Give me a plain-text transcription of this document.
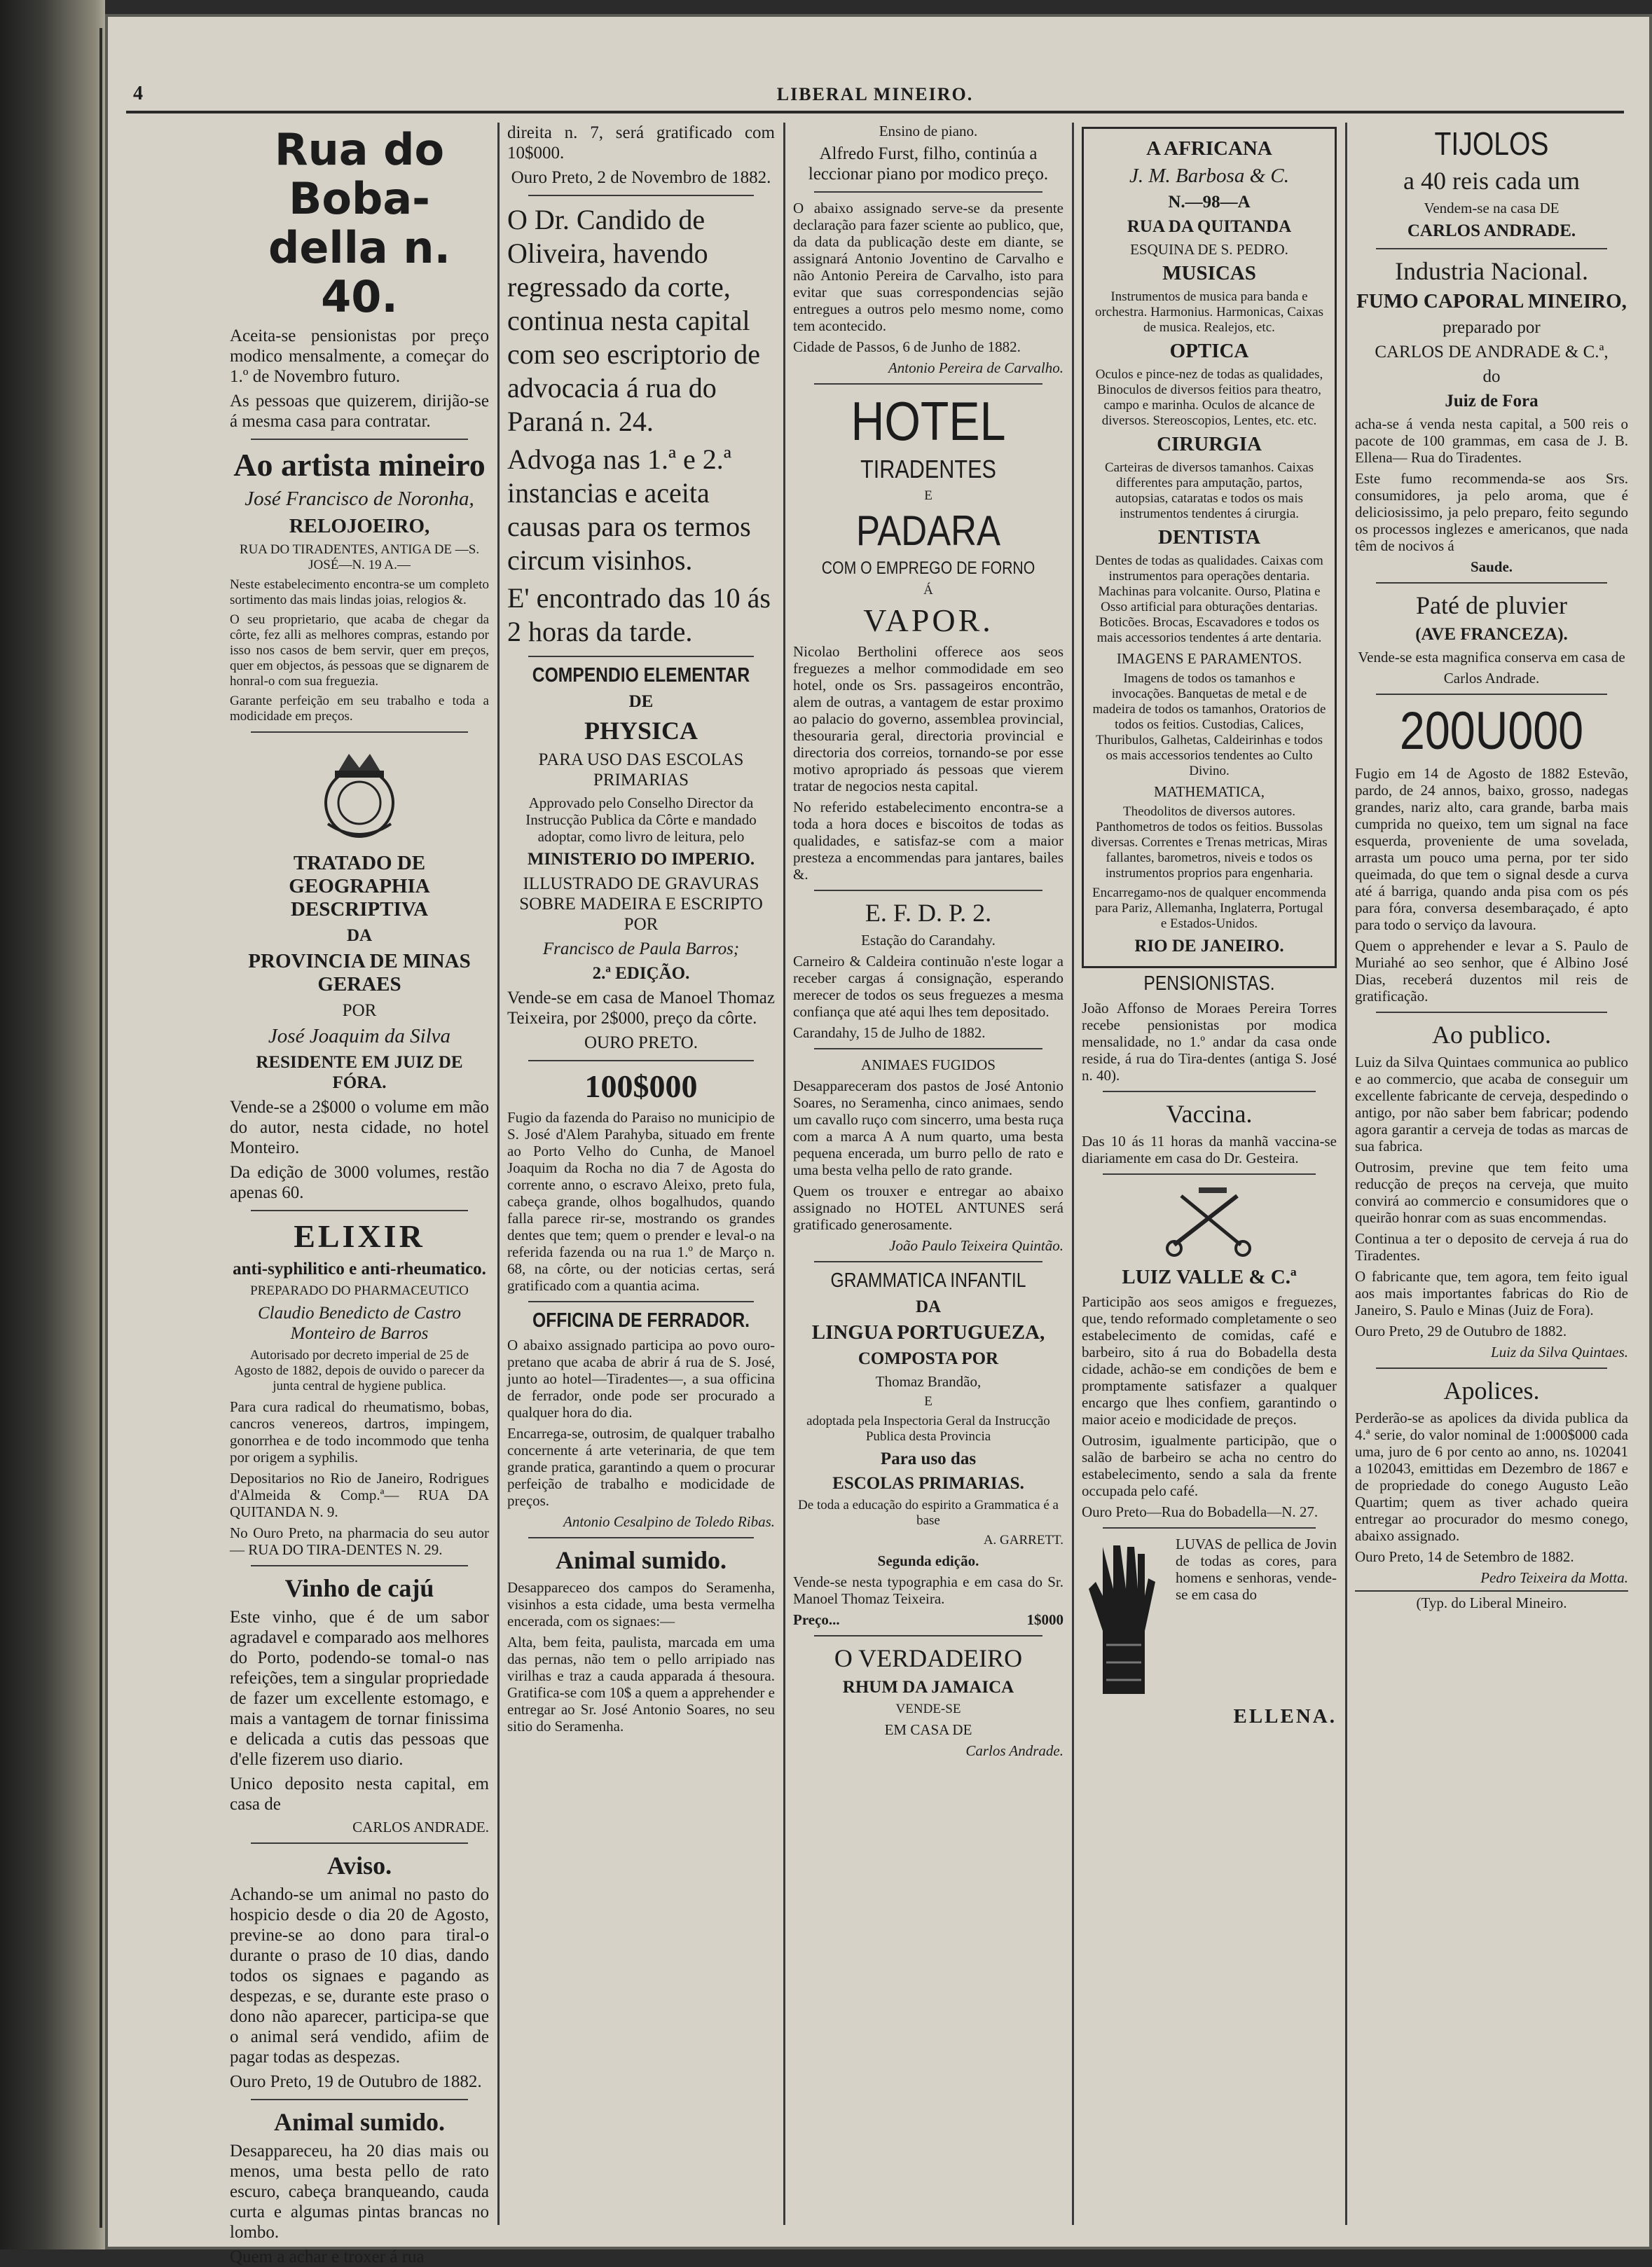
4	LIBERAL MINEIRO.
Rua do Boba-della n. 40.

Aceita-se pensionistas por preço modico mensalmente, a começar do 1.º de Novembro futuro.

As pessoas que quizerem, dirijão-se á mesma casa para contratar.

Ao artista mineiro

José Francisco de Noronha,

RELOJOEIRO,

RUA DO TIRADENTES, ANTIGA DE —S. JOSÉ—N. 19 A.—

Neste estabelecimento encontra-se um completo sortimento das mais lindas joias, relogios &.

O seu proprietario, que acaba de chegar da côrte, fez alli as melhores compras, estando por isso nos casos de bem servir, quer em preços, quer em objectos, ás pessoas que se dignarem de honral-o com sua freguezia.

Garante perfeição em seu trabalho e toda a modicidade em preços.

TRATADO DE GEOGRAPHIA DESCRIPTIVA

DA

PROVINCIA DE MINAS GERAES

POR

José Joaquim da Silva

RESIDENTE EM JUIZ DE FÓRA.

Vende-se a 2$000 o volume em mão do autor, nesta cidade, no hotel Monteiro.

Da edição de 3000 volumes, restão apenas 60.

ELIXIR

anti-syphilitico e anti-rheumatico.

PREPARADO DO PHARMACEUTICO

Claudio Benedicto de Castro Monteiro de Barros

Autorisado por decreto imperial de 25 de Agosto de 1882, depois de ouvido o parecer da junta central de hygiene publica.

Para cura radical do rheumatismo, bobas, cancros venereos, dartros, impingem, gonorrhea e de todo incommodo que tenha por origem a syphilis.

Depositarios no Rio de Janeiro, Rodrigues d'Almeida & Comp.ª— RUA DA QUITANDA N. 9.

No Ouro Preto, na pharmacia do seu autor— RUA DO TIRA-DENTES N. 29.

Vinho de cajú

Este vinho, que é de um sabor agradavel e comparado aos melhores do Porto, podendo-se tomal-o nas refeições, tem a singular propriedade de fazer um excellente estomago, e mais a vantagem de tornar finissima e delicada a cutis das pessoas que d'elle fizerem uso diario.

Unico deposito nesta capital, em casa de

CARLOS ANDRADE.

Aviso.

Achando-se um animal no pasto do hospicio desde o dia 20 de Agosto, previne-se ao dono para tiral-o durante o praso de 10 dias, dando todos os signaes e pagando as despezas, e se, durante este praso o dono não aparecer, participa-se que o animal será vendido, afiim de pagar todas as despezas.

Ouro Preto, 19 de Outubro de 1882.

Animal sumido.

Desappareceu, ha 20 dias mais ou menos, uma besta pello de rato escuro, cabeça branqueando, cauda curta e algumas pintas brancas no lombo.

Quem a achar e troxer á rua

direita n. 7, será gratificado com 10$000.

Ouro Preto, 2 de Novembro de 1882.

O Dr. Candido de Oliveira, havendo regressado da corte, continua nesta capital com seo escriptorio de advocacia á rua do Paraná n. 24.

Advoga nas 1.ª e 2.ª instancias e aceita causas para os termos circum visinhos.

E' encontrado das 10 ás 2 horas da tarde.

COMPENDIO ELEMENTAR

DE

PHYSICA

PARA USO DAS ESCOLAS PRIMARIAS

Approvado pelo Conselho Director da Instrucção Publica da Côrte e mandado adoptar, como livro de leitura, pelo

MINISTERIO DO IMPERIO.

ILLUSTRADO DE GRAVURAS SOBRE MADEIRA E ESCRIPTO POR

Francisco de Paula Barros;

2.ª EDIÇÃO.

Vende-se em casa de Manoel Thomaz Teixeira, por 2$000, preço da côrte.

OURO PRETO.

100$000

Fugio da fazenda do Paraiso no municipio de S. José d'Alem Parahyba, situado em frente ao Porto Velho do Cunha, de Manoel Joaquim da Rocha no dia 7 de Agosta do corrente anno, o escravo Aleixo, preto fula, cabeça grande, olhos bogalhudos, quando falla parece rir-se, mostrando os grandes dentes que tem; quem o prender e leval-o na referida fazenda ou na rua 1.º de Março n. 68, na côrte, ou der noticias certas, será gratificado com a quantia acima.

OFFICINA DE FERRADOR.

O abaixo assignado participa ao povo ouro-pretano que acaba de abrir á rua de S. José, junto ao hotel—Tiradentes—, a sua officina de ferrador, onde pode ser procurado a qualquer hora do dia.

Encarrega-se, outrosim, de qualquer trabalho concernente á arte veterinaria, de que tem grande pratica, garantindo a quem o procurar perfeição de trabalho e modicidade de preços.

Antonio Cesalpino de Toledo Ribas.

Animal sumido.

Desappareceo dos campos do Seramenha, visinhos a esta cidade, uma besta vermelha encerada, com os signaes:—

Alta, bem feita, paulista, marcada em uma das pernas, não tem o pello arripiado nas virilhas e traz a cauda apparada á thesoura. Gratifica-se com 10$ a quem a apprehender e entregar ao Sr. José Antonio Soares, no seu sitio do Seramenha.

Ensino de piano.

Alfredo Furst, filho, continúa a leccionar piano por modico preço.

O abaixo assignado serve-se da presente declaração para fazer sciente ao publico, que, da data da publicação deste em diante, se assignará Antonio Joventino de Carvalho e não Antonio Pereira de Carvalho, isto para evitar que suas correspondencias sejão entregues a outros pelo mesmo nome, como tem acontecido.

Cidade de Passos, 6 de Junho de 1882.

Antonio Pereira de Carvalho.

HOTEL
TIRADENTES

E

PADARA

COM O EMPREGO DE FORNO

Á

VAPOR.

Nicolao Bertholini offerece aos seos freguezes a melhor commodidade em seo hotel, onde os Srs. passageiros encontrão, alem de outras, a vantagem de estar proximo ao palacio do governo, assemblea provincial, thesouraria geral, directoria provincial e directoria dos correios, tornando-se por esse motivo apropriado ás pessoas que vierem tratar de negocios nesta capital.

No referido estabelecimento encontra-se a toda a hora doces e biscoitos de todas as qualidades, e satisfaz-se com a maior presteza a encommendas para jantares, bailes &.

E. F. D. P. 2.

Estação do Carandahy.

Carneiro & Caldeira continuão n'este logar a receber cargas á consignação, esperando merecer de todos os seus freguezes a mesma confiança que até aqui lhes tem depositado.

Carandahy, 15 de Julho de 1882.

ANIMAES FUGIDOS

Desappareceram dos pastos de José Antonio Soares, no Seramenha, cinco animaes, sendo um cavallo ruço com sincerro, uma besta ruça com a marca A A num quarto, uma besta pequena encerada, um burro pello de rato e uma besta velha pello de rato grande.

Quem os trouxer e entregar ao abaixo assignado no HOTEL ANTUNES será gratificado generosamente.

João Paulo Teixeira Quintão.

GRAMMATICA INFANTIL

DA

LINGUA PORTUGUEZA,

COMPOSTA POR

Thomaz Brandão,

E

adoptada pela Inspectoria Geral da Instrucção Publica desta Provincia

Para uso das

ESCOLAS PRIMARIAS.

De toda a educação do espirito a Grammatica é a base

A. GARRETT.

Segunda edição.

Vende-se nesta typographia e em casa do Sr. Manoel Thomaz Teixeira.

Preço...	1$000

O VERDADEIRO

RHUM DA JAMAICA

VENDE-SE

EM CASA DE

Carlos Andrade.

A AFRICANA

J. M. Barbosa & C.

N.—98—A

RUA DA QUITANDA

ESQUINA DE S. PEDRO.

MUSICAS

Instrumentos de musica para banda e orchestra. Harmonius. Harmonicas, Caixas de musica. Realejos, etc.

OPTICA

Oculos e pince-nez de todas as qualidades, Binoculos de diversos feitios para theatro, campo e marinha. Oculos de alcance de diversos. Stereoscopios, Lentes, etc. etc.

CIRURGIA

Carteiras de diversos tamanhos. Caixas differentes para amputação, partos, autopsias, cataratas e todos os mais instrumentos tendentes á cirurgia.

DENTISTA

Dentes de todas as qualidades. Caixas com instrumentos para operações dentaria. Machinas para volcanite. Ourso, Platina e Osso artificial para obturações dentarias. Boticões. Brocas, Escavadores e todos os mais accessorios tendentes á arte dentaria.

IMAGENS E PARAMENTOS.

Imagens de todos os tamanhos e invocações. Banquetas de metal e de madeira de todos os tamanhos, Oratorios de todos os feitios. Custodias, Calices, Thuribulos, Galhetas, Caldeirinhas e todos os mais accessorios tendentes ao Culto Divino.

MATHEMATICA,

Theodolitos de diversos autores. Panthometros de todos os feitios. Bussolas diversas. Correntes e Trenas metricas, Miras fallantes, barometros, niveis e todos os instrumentos proprios para engenharia.

Encarregamo-nos de qualquer encommenda para Pariz, Allemanha, Inglaterra, Portugal e Estados-Unidos.

RIO DE JANEIRO.

PENSIONISTAS.

João Affonso de Moraes Pereira Torres recebe pensionistas por modica mensalidade, no 1.º andar da casa onde reside, á rua do Tira-dentes (antiga S. José n. 40).

Vaccina.

Das 10 ás 11 horas da manhã vaccina-se diariamente em casa do Dr. Gesteira.

LUIZ VALLE & C.ª

Participão aos seos amigos e freguezes, que, tendo reformado completamente o seo estabelecimento de comidas, café e barbeiro, sito á rua do Bobadella desta cidade, achão-se em condições de bem e promptamente satisfazer a qualquer encargo que lhes confiem, garantindo o maior aceio e modicidade de preços.

Outrosim, igualmente participão, que o salão de barbeiro se acha no centro do estabelecimento, sendo a sala da frente occupada pelo café.

Ouro Preto—Rua do Bobadella—N. 27.

LUVAS de pellica de Jovin de todas as cores, para homens e senhoras, vende-se em casa do

ELLENA.

TIJOLOS
a 40 reis cada um

Vendem-se na casa DE

CARLOS ANDRADE.

Industria Nacional.

FUMO CAPORAL MINEIRO,

preparado por

CARLOS DE ANDRADE & C.ª,

do

Juiz de Fora

acha-se á venda nesta capital, a 500 reis o pacote de 100 grammas, em casa de J. B. Ellena— Rua do Tiradentes.

Este fumo recommenda-se aos Srs. consumidores, ja pelo aroma, que é deliciosissimo, ja pelo preparo, feito segundo os processos inglezes e americanos, que nada têm de nocivos á

Saude.

Paté de pluvier

(AVE FRANCEZA).

Vende-se esta magnifica conserva em casa de

Carlos Andrade.

200U000

Fugio em 14 de Agosto de 1882 Estevão, pardo, de 24 annos, baixo, grosso, nadegas grandes, nariz alto, cara grande, barba mais cumprida no queixo, tem um signal na face esquerda, proveniente de uma sovelada, arrasta um pouco uma perna, por ter sido queimada, do que tem o signal desde a curva até á barriga, quando anda pisa com os pés para fóra, conversa desembaraçado, é apto para todo o serviço da lavoura.

Quem o apprehender e levar a S. Paulo de Muriahé ao seo senhor, que é Albino José Dias, receberá duzentos mil reis de gratificação.

Ao publico.

Luiz da Silva Quintaes communica ao publico e ao commercio, que acaba de conseguir um excellente fabricante de cerveja, despedindo o antigo, por não saber bem fabricar; podendo agora garantir a cerveja de todas as marcas de sua fabrica.

Outrosim, previne que tem feito uma reducção de preços na cerveja, que muito convirá ao commercio e consumidores que o queirão honrar com as suas encommendas.

Continua a ter o deposito de cerveja á rua do Tiradentes.

O fabricante que, tem agora, tem feito igual aos mais importantes fabricas do Rio de Janeiro, S. Paulo e Minas (Juiz de Fora).

Ouro Preto, 29 de Outubro de 1882.

Luiz da Silva Quintaes.

Apolices.

Perderão-se as apolices da divida publica da 4.ª serie, do valor nominal de 1:000$000 cada uma, juro de 6 por cento ao anno, ns. 102041 a 102043, emittidas em Dezembro de 1867 e de propriedade do conego Augusto Leão Quartim; quem as tiver achado queira entregar ao procurador do mesmo conego, abaixo assignado.

Ouro Preto, 14 de Setembro de 1882.

Pedro Teixeira da Motta.

(Typ. do Liberal Mineiro.
